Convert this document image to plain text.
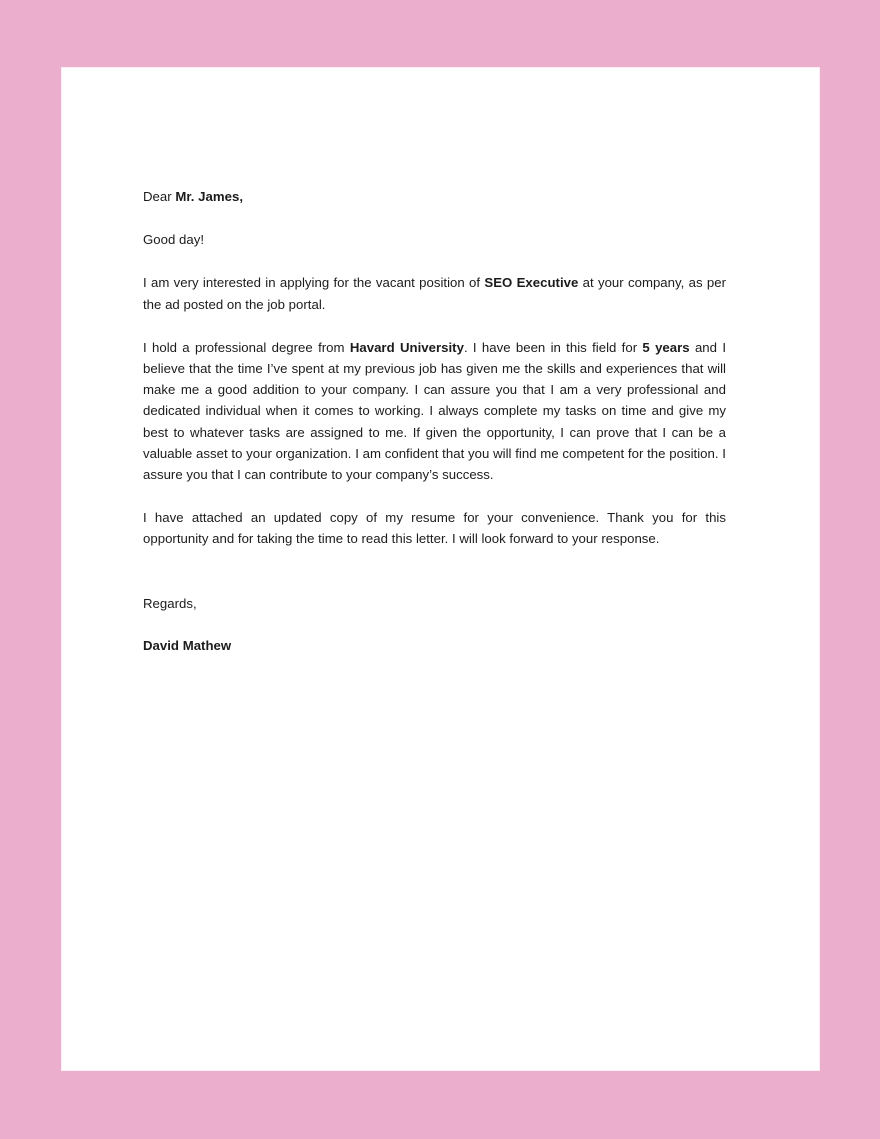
Dear Mr. James,

Good day!

I am very interested in applying for the vacant position of SEO Executive at your company, as per the ad posted on the job portal.

I hold a professional degree from Havard University. I have been in this field for 5 years and I believe that the time I’ve spent at my previous job has given me the skills and experiences that will make me a good addition to your company. I can assure you that I am a very professional and dedicated individual when it comes to working. I always complete my tasks on time and give my best to whatever tasks are assigned to me. If given the opportunity, I can prove that I can be a valuable asset to your organization. I am confident that you will find me competent for the position. I assure you that I can contribute to your company’s success.

I have attached an updated copy of my resume for your convenience. Thank you for this opportunity and for taking the time to read this letter. I will look forward to your response.

Regards,

David Mathew
